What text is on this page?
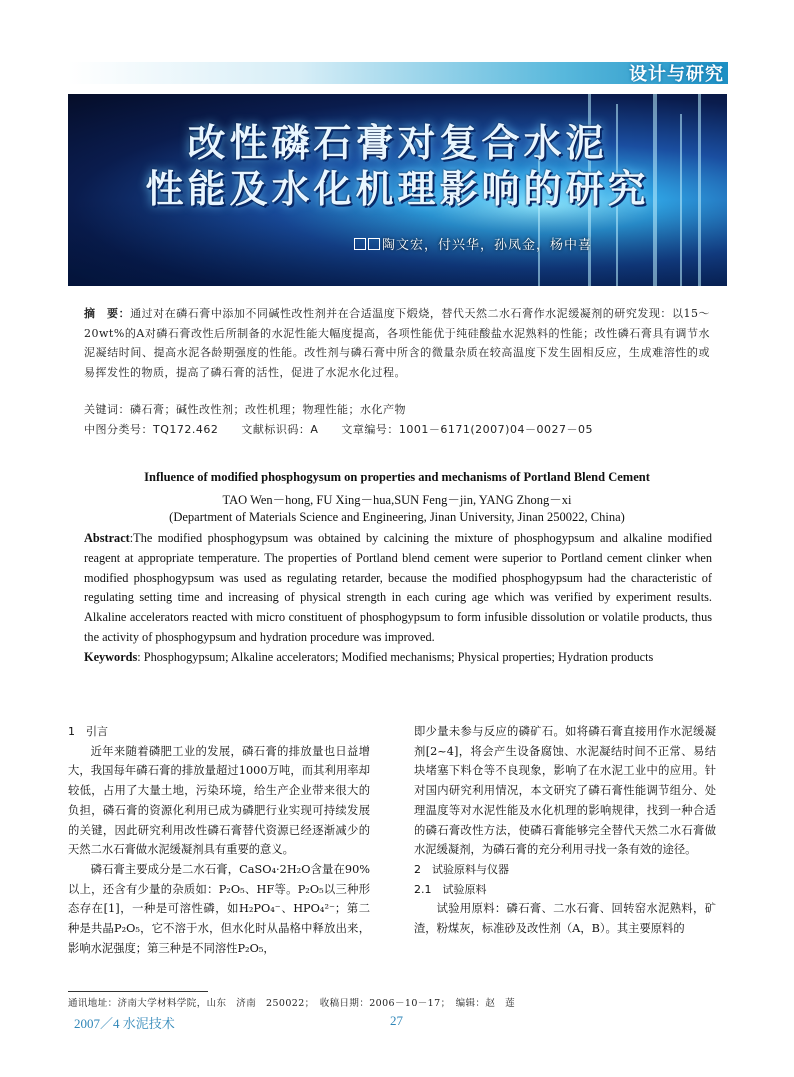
设计与研究
改性磷石膏对复合水泥
性能及水化机理影响的研究
陶文宏，付兴华，孙凤金，杨中喜
摘　要：通过对在磷石膏中添加不同碱性改性剂并在合适温度下煅烧，替代天然二水石膏作水泥缓凝剂的研究发现：以15～20wt%的A对磷石膏改性后所制备的水泥性能大幅度提高，各项性能优于纯硅酸盐水泥熟料的性能；改性磷石膏具有调节水泥凝结时间、提高水泥各龄期强度的性能。改性剂与磷石膏中所含的微量杂质在较高温度下发生固相反应，生成难溶性的或易挥发性的物质，提高了磷石膏的活性，促进了水泥水化过程。
关键词：磷石膏；碱性改性剂；改性机理；物理性能；水化产物
中图分类号：TQ172.462　　文献标识码：A　　文章编号：1001－6171(2007)04－0027－05
Influence of modified phosphogysum on properties and mechanisms of Portland Blend Cement
TAO Wen－hong, FU Xing－hua,SUN Feng－jin, YANG Zhong－xi
(Department of Materials Science and Engineering, Jinan University, Jinan 250022, China)
Abstract:The modified phosphogypsum was obtained by calcining the mixture of phosphogypsum and alkaline modified reagent at appropriate temperature. The properties of Portland blend cement were superior to Portland cement clinker when modified phosphogypsum was used as regulating retarder, because the modified phosphogypsum had the characteristic of regulating setting time and increasing of physical strength in each curing age which was verified by experiment results. Alkaline accelerators reacted with micro constituent of phosphogypsum to form infusible dissolution or volatile products, thus the activity of phosphogypsum and hydration procedure was improved.
Keywords: Phosphogypsum; Alkaline accelerators; Modified mechanisms; Physical properties; Hydration products

1　引言

近年来随着磷肥工业的发展，磷石膏的排放量也日益增大，我国每年磷石膏的排放量超过1000万吨，而其利用率却较低，占用了大量土地，污染环境，给生产企业带来很大的负担，磷石膏的资源化利用已成为磷肥行业实现可持续发展的关键，因此研究利用改性磷石膏替代资源已经逐渐减少的天然二水石膏做水泥缓凝剂具有重要的意义。

磷石膏主要成分是二水石膏，CaSO₄·2H₂O含量在90%以上，还含有少量的杂质如：P₂O₅、HF等。P₂O₅以三种形态存在[1]，一种是可溶性磷，如H₂PO₄⁻、HPO₄²⁻；第二种是共晶P₂O₅，它不溶于水，但水化时从晶格中释放出来，影响水泥强度；第三种是不同溶性P₂O₅，

即少量未参与反应的磷矿石。如将磷石膏直接用作水泥缓凝剂[2~4]，将会产生设备腐蚀、水泥凝结时间不正常、易结块堵塞下料仓等不良现象，影响了在水泥工业中的应用。针对国内研究利用情况，本文研究了磷石膏性能调节组分、处理温度等对水泥性能及水化机理的影响规律，找到一种合适的磷石膏改性方法，使磷石膏能够完全替代天然二水石膏做水泥缓凝剂，为磷石膏的充分利用寻找一条有效的途径。

2　试验原料与仪器

2.1　试验原料

试验用原料：磷石膏、二水石膏、回转窑水泥熟料，矿渣，粉煤灰，标准砂及改性剂（A，B）。其主要原料的

通讯地址：济南大学材料学院，山东　济南　250022；　收稿日期：2006－10－17；　编辑：赵　莲
2007／4 水泥技术	27
